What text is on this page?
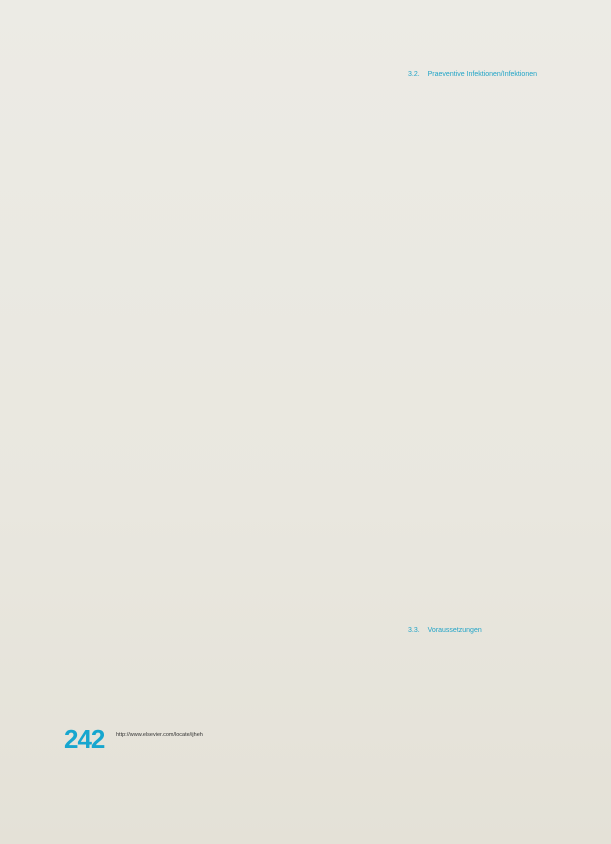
3.2. Praeventive Infektionen/Infektionen
3.3. Voraussetzungen
242 http://www.elsevier.com/locate/ijheh
